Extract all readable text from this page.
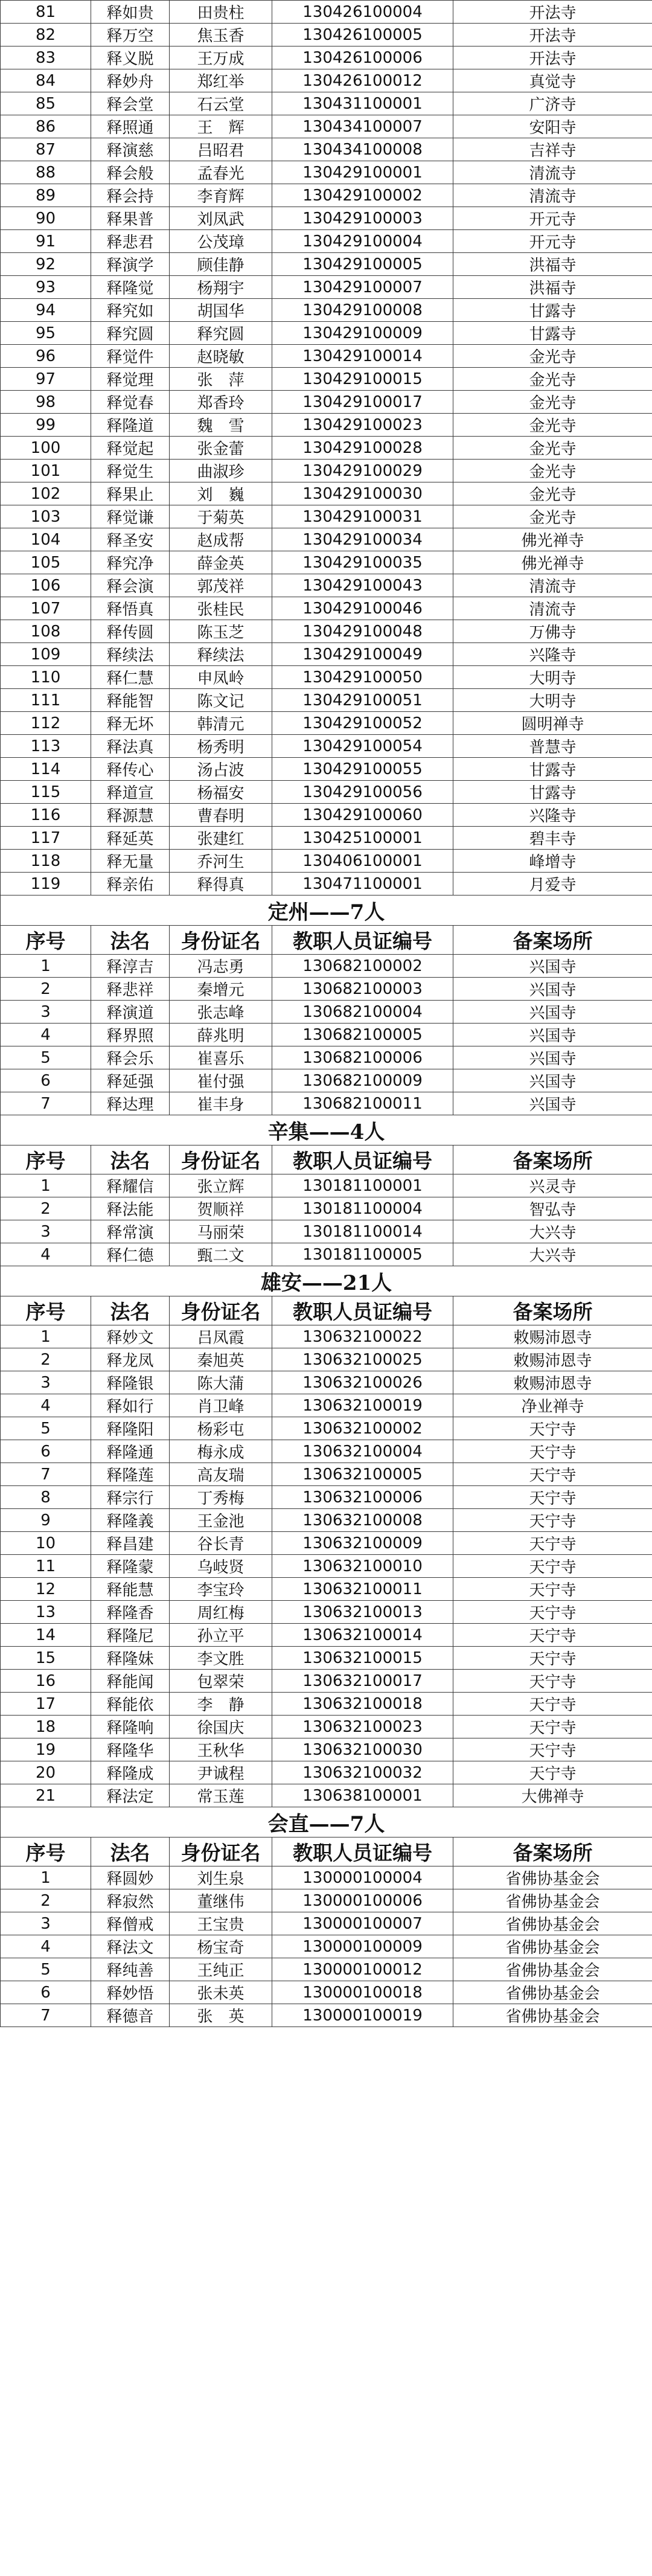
81	释如贵	田贵柱	130426100004	开法寺
82	释万空	焦玉香	130426100005	开法寺
83	释义脱	王万成	130426100006	开法寺
84	释妙舟	郑红举	130426100012	真觉寺
85	释会堂	石云堂	130431100001	广济寺
86	释照通	王　辉	130434100007	安阳寺
87	释演慈	吕昭君	130434100008	吉祥寺
88	释会般	孟春光	130429100001	清流寺
89	释会持	李育辉	130429100002	清流寺
90	释果普	刘凤武	130429100003	开元寺
91	释悲君	公茂璋	130429100004	开元寺
92	释演学	顾佳静	130429100005	洪福寺
93	释隆觉	杨翔宇	130429100007	洪福寺
94	释究如	胡国华	130429100008	甘露寺
95	释究圆	释究圆	130429100009	甘露寺
96	释觉件	赵晓敏	130429100014	金光寺
97	释觉理	张　萍	130429100015	金光寺
98	释觉春	郑香玲	130429100017	金光寺
99	释隆道	魏　雪	130429100023	金光寺
100	释觉起	张金蕾	130429100028	金光寺
101	释觉生	曲淑珍	130429100029	金光寺
102	释果止	刘　巍	130429100030	金光寺
103	释觉谦	于菊英	130429100031	金光寺
104	释圣安	赵成帮	130429100034	佛光禅寺
105	释究净	薛金英	130429100035	佛光禅寺
106	释会演	郭茂祥	130429100043	清流寺
107	释悟真	张桂民	130429100046	清流寺
108	释传圆	陈玉芝	130429100048	万佛寺
109	释续法	释续法	130429100049	兴隆寺
110	释仁慧	申凤岭	130429100050	大明寺
111	释能智	陈文记	130429100051	大明寺
112	释无坏	韩清元	130429100052	圆明禅寺
113	释法真	杨秀明	130429100054	普慧寺
114	释传心	汤占波	130429100055	甘露寺
115	释道宣	杨福安	130429100056	甘露寺
116	释源慧	曹春明	130429100060	兴隆寺
117	释延英	张建红	130425100001	碧丰寺
118	释无量	乔河生	130406100001	峰增寺
119	释亲佑	释得真	130471100001	月爱寺
定州——7人				
序号	法名	身份证名	教职人员证编号	备案场所
1	释淳吉	冯志勇	130682100002	兴国寺
2	释悲祥	秦增元	130682100003	兴国寺
3	释演道	张志峰	130682100004	兴国寺
4	释界照	薛兆明	130682100005	兴国寺
5	释会乐	崔喜乐	130682100006	兴国寺
6	释延强	崔付强	130682100009	兴国寺
7	释达理	崔丰身	130682100011	兴国寺
辛集——4人				
序号	法名	身份证名	教职人员证编号	备案场所
1	释耀信	张立辉	130181100001	兴灵寺
2	释法能	贺顺祥	130181100004	智弘寺
3	释常演	马丽荣	130181100014	大兴寺
4	释仁德	甄二文	130181100005	大兴寺
雄安——21人				
序号	法名	身份证名	教职人员证编号	备案场所
1	释妙文	吕凤霞	130632100022	敕赐沛恩寺
2	释龙凤	秦旭英	130632100025	敕赐沛恩寺
3	释隆银	陈大蒲	130632100026	敕赐沛恩寺
4	释如行	肖卫峰	130632100019	净业禅寺
5	释隆阳	杨彩屯	130632100002	天宁寺
6	释隆通	梅永成	130632100004	天宁寺
7	释隆莲	高友瑞	130632100005	天宁寺
8	释宗行	丁秀梅	130632100006	天宁寺
9	释隆義	王金池	130632100008	天宁寺
10	释昌建	谷长青	130632100009	天宁寺
11	释隆蒙	乌岐贤	130632100010	天宁寺
12	释能慧	李宝玲	130632100011	天宁寺
13	释隆香	周红梅	130632100013	天宁寺
14	释隆尼	孙立平	130632100014	天宁寺
15	释隆妹	李文胜	130632100015	天宁寺
16	释能闻	包翠荣	130632100017	天宁寺
17	释能依	李　静	130632100018	天宁寺
18	释隆响	徐国庆	130632100023	天宁寺
19	释隆华	王秋华	130632100030	天宁寺
20	释隆成	尹诚程	130632100032	天宁寺
21	释法定	常玉莲	130638100001	大佛禅寺
会直——7人				
序号	法名	身份证名	教职人员证编号	备案场所
1	释圆妙	刘生泉	130000100004	省佛协基金会
2	释寂然	董继伟	130000100006	省佛协基金会
3	释僧戒	王宝贵	130000100007	省佛协基金会
4	释法文	杨宝奇	130000100009	省佛协基金会
5	释纯善	王纯正	130000100012	省佛协基金会
6	释妙悟	张未英	130000100018	省佛协基金会
7	释德音	张　英	130000100019	省佛协基金会
